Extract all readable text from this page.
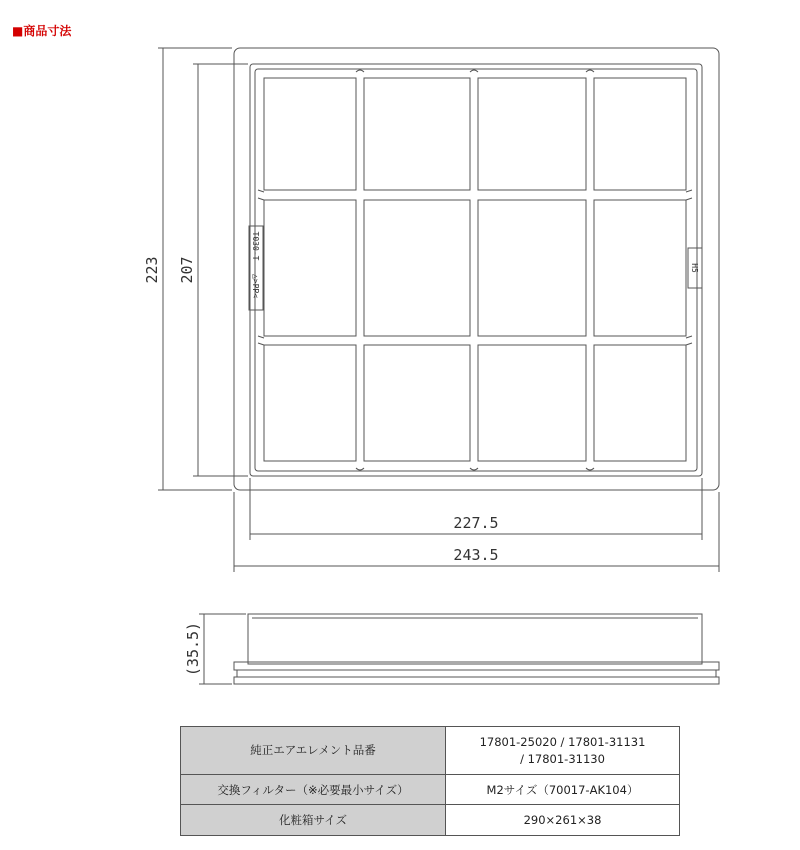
■商品寸法
223 207
227.5
243.5
(35.5)
T030-T
△>PP<
H5
純正エアエレメント品番	17801-25020 / 17801-31131
/ 17801-31130

交換フィルター（※必要最小サイズ）	M2サイズ（70017-AK104）
化粧箱サイズ	290×261×38
